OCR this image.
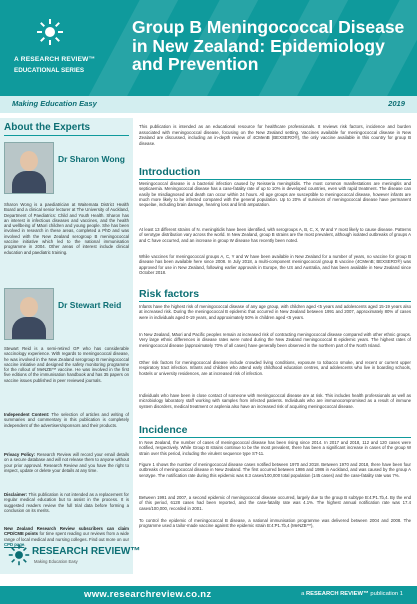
A RESEARCH REVIEW™
EDUCATIONAL SERIES
Group B Meningococcal Disease in New Zealand: Epidemiology and Prevention
Making Education Easy	2019
About the Experts
Dr Sharon Wong

Sharon Wong is a paediatrician at Waitemata District Health Board and a clinical senior lecturer at The University of Auckland, Department of Paediatrics: Child and Youth Health. Sharon has an interest in infectious diseases and vaccines, and the health and wellbeing of Māori children and young people. She has been involved in research in these areas, completed a PhD and was involved with the New Zealand serogroup B meningococcal vaccine initiative which led to the national immunisation programme in 2004. Other areas of interest include clinical education and paediatric training.

Dr Stewart Reid

Stewart Reid is a semi-retired GP who has considerable vaccinology experience. With regards to meningococcal disease, he was involved in the New Zealand serogroup B meningococcal vaccine initiative and designed the safety monitoring programme for the rollout of MeNZB™ vaccine. He was involved in the first five editions of the immunisation handbook and has 35 papers on vaccine issues published in peer reviewed journals.

Independent Content: The selection of articles and writing of summaries and commentary in this publication is completely independent of the advertisers/sponsors and their products.

Privacy Policy: Research Review will record your email details on a secure database and will not release them to anyone without your prior approval. Research Review and you have the right to inspect, update or delete your details at any time.

Disclaimer: This publication is not intended as a replacement for regular medical education but to assist in the process. It is suggested readers review the full trial data before forming a conclusion on its merits.

New Zealand Research Review subscribers can claim CPD/CME points for time spent reading our reviews from a wide range of local medical and nursing colleges. Find out more on our CPD page.

RESEARCH REVIEW™
Making Education Easy

This publication is intended as an educational resource for healthcare professionals. It reviews risk factors, incidence and burden associated with meningococcal disease, focusing on the New Zealand setting. Vaccines available for meningococcal disease in New Zealand are discussed, including an in-depth review of 4CMenB (BEXSERO®), the only vaccine available in this country for group B disease.

Introduction

Meningococcal disease is a bacterial infection caused by Neisseria meningitidis. The most common manifestations are meningitis and septicaemia. Meningococcal disease has a case-fatality rate of up to 10% in developed countries, even with rapid treatment. The disease can easily be misdiagnosed and death can occur within 24 hours. All age groups are susceptible to meningococcal disease, however infants are much more likely to be infected compared with the general population. Up to 20% of survivors of meningococcal disease have permanent sequelae, including brain damage, hearing loss and limb amputation.

At least 13 different strains of N. meningitidis have been identified, with serogroups A, B, C, X, W and Y most likely to cause disease. Patterns of serotype distribution vary across the world. In New Zealand, group B strains are the most prevalent, although isolated outbreaks of groups A and C have occurred, and an increase in group W disease has recently been noted.

While vaccines for meningococcal groups A, C, Y and W have been available in New Zealand for a number of years, no vaccine for group B disease has been available here since 2008. In July 2018, a multi-component meningococcal group B vaccine (4CMenB; BEXSERO®) was approved for use in New Zealand, following earlier approvals in Europe, the US and Australia, and has been available in New Zealand since October 2018.

Risk factors

Infants have the highest risk of meningococcal disease of any age group, with children aged <5 years and adolescents aged 15-19 years also at increased risk. During the meningococcal B epidemic that occurred in New Zealand between 1991 and 2007, approximately 80% of cases were in individuals aged 0-19 years, and approximately 50% in children aged <5 years.

In New Zealand, Māori and Pacific peoples remain at increased risk of contracting meningococcal disease compared with other ethnic groups. Very large ethnic differences in disease rates were noted during the New Zealand meningococcal B epidemic years. The highest rates of meningococcal disease (approximately 70% of all cases) have generally been observed in the northern part of the North Island.

Other risk factors for meningococcal disease include crowded living conditions, exposure to tobacco smoke, and recent or current upper respiratory tract infection. Infants and children who attend early childhood education centres, and adolescents who live in boarding schools, hostels or university residences, are at increased risk of infection.

Individuals who have been in close contact of someone with meningococcal disease are at risk. This includes health professionals as well as microbiology laboratory staff working with samples from infected patients. Individuals who are immunocompromised as a result of immune system disorders, medical treatment or asplenia also have an increased risk of acquiring meningococcal disease.

Incidence

In New Zealand, the number of cases of meningococcal disease has been rising since 2014. In 2017 and 2018, 112 and 120 cases were notified, respectively. While Group B strains continue to be the most prevalent, there has been a significant increase in cases of the group W strain over this period, including the virulent sequence type ST-11.

Figure 1 shows the number of meningococcal disease cases notified between 1970 and 2018. Between 1970 and 2018, there have been four outbreaks of meningococcal disease in New Zealand. The first occurred between 1986 and 1986 in Auckland, and was caused by the group A serotype. The notification rate during this epidemic was 8.3 cases/100,000 total population (145 cases) and the case-fatality rate was 7%.

Between 1991 and 2007, a second epidemic of meningococcal disease occurred, largely due to the group B subtype B:4:P1.7b,4. By the end of this period, 6128 cases had been reported, and the case-fatality rate was 4.1%. The highest annual notification rate was 17.4 cases/100,000, recorded in 2001.

To control the epidemic of meningococcal B disease, a national immunisation programme was delivered between 2004 and 2008. The programme used a tailor-made vaccine against the epidemic strain B:4:P1.7b,4 (MeNZB™),

www.researchreview.co.nz	a RESEARCH REVIEW™ publication 1
